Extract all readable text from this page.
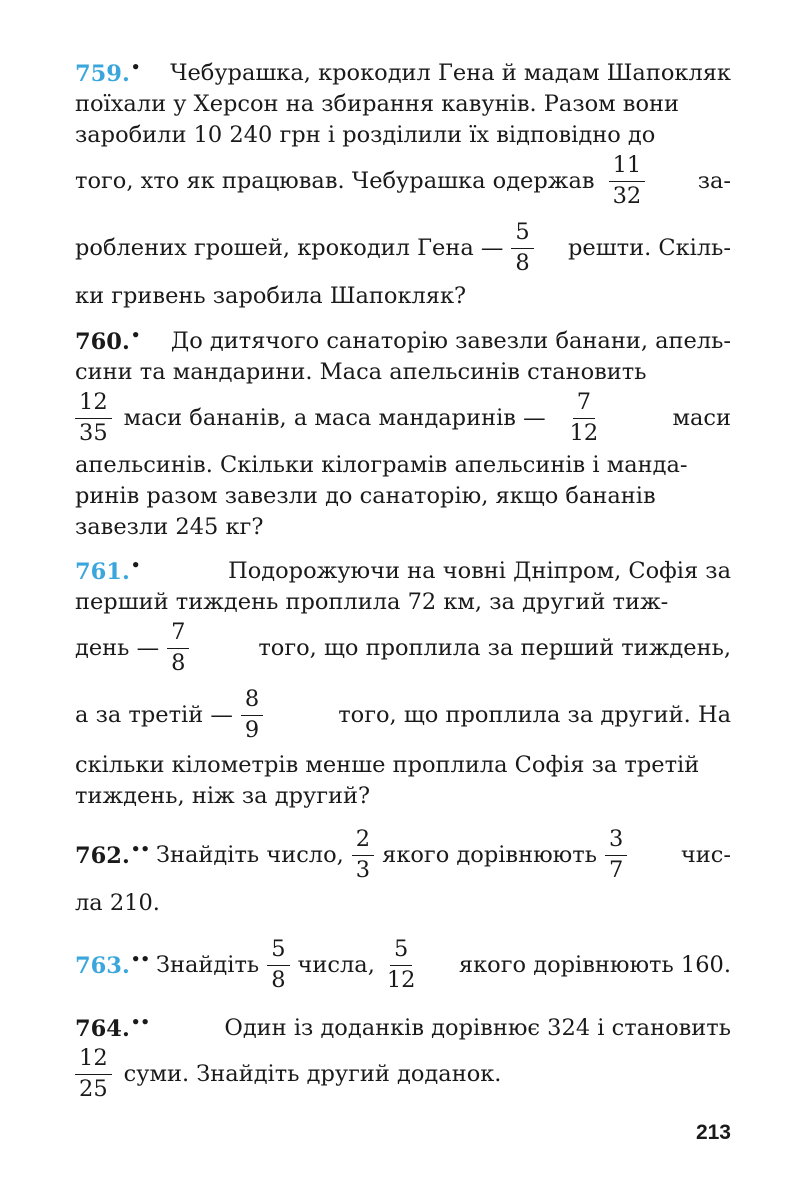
759.• Чебурашка, крокодил Гена й мадам Шапокляк
поїхали у Херсон на збирання кавунів. Разом вони
заробили 10 240 грн і розділили їх відповідно до
того, хто як працював. Чебурашка одержав $\frac{11}{32} за-$
роблених грошей, крокодил Гена — $\frac{5}{8}$ решти. Скіль-
ки гривень заробила Шапокляк?
760.• До дитячого санаторію завезли банани, апель-
сини та мандарини. Маса апельсинів становить
$\frac{12}{35}$ маси бананів, а маса мандаринів — $\frac{7}{12}$	маси
апельсинів. Скільки кілограмів апельсинів і манда-
ринів разом завезли до санаторію, якщо бананів
завезли 245 кг?
761.•	Подорожуючи на човні Дніпром, Софія за
перший тиждень проплила 72 км, за другий тиж-
день — $\frac{7}{8}$	того, що проплила за перший тиждень,
а за третій — $\frac{8}{9}$	того, що проплила за другий. На
скільки кілометрів менше проплила Софія за третій
тиждень, ніж за другий?
762.•• Знайдіть число, $\frac{2}{3}$ якого дорівнюють $\frac{3}{7} чис-$
ла 210.
763.•• Знайдіть $\frac{5}{8}$ числа, $\frac{5}{12}$ якого дорівнюють 160.
764.••	Один із доданків дорівнює 324 і становить
$\frac{12}{25}$ суми. Знайдіть другий доданок.
213
